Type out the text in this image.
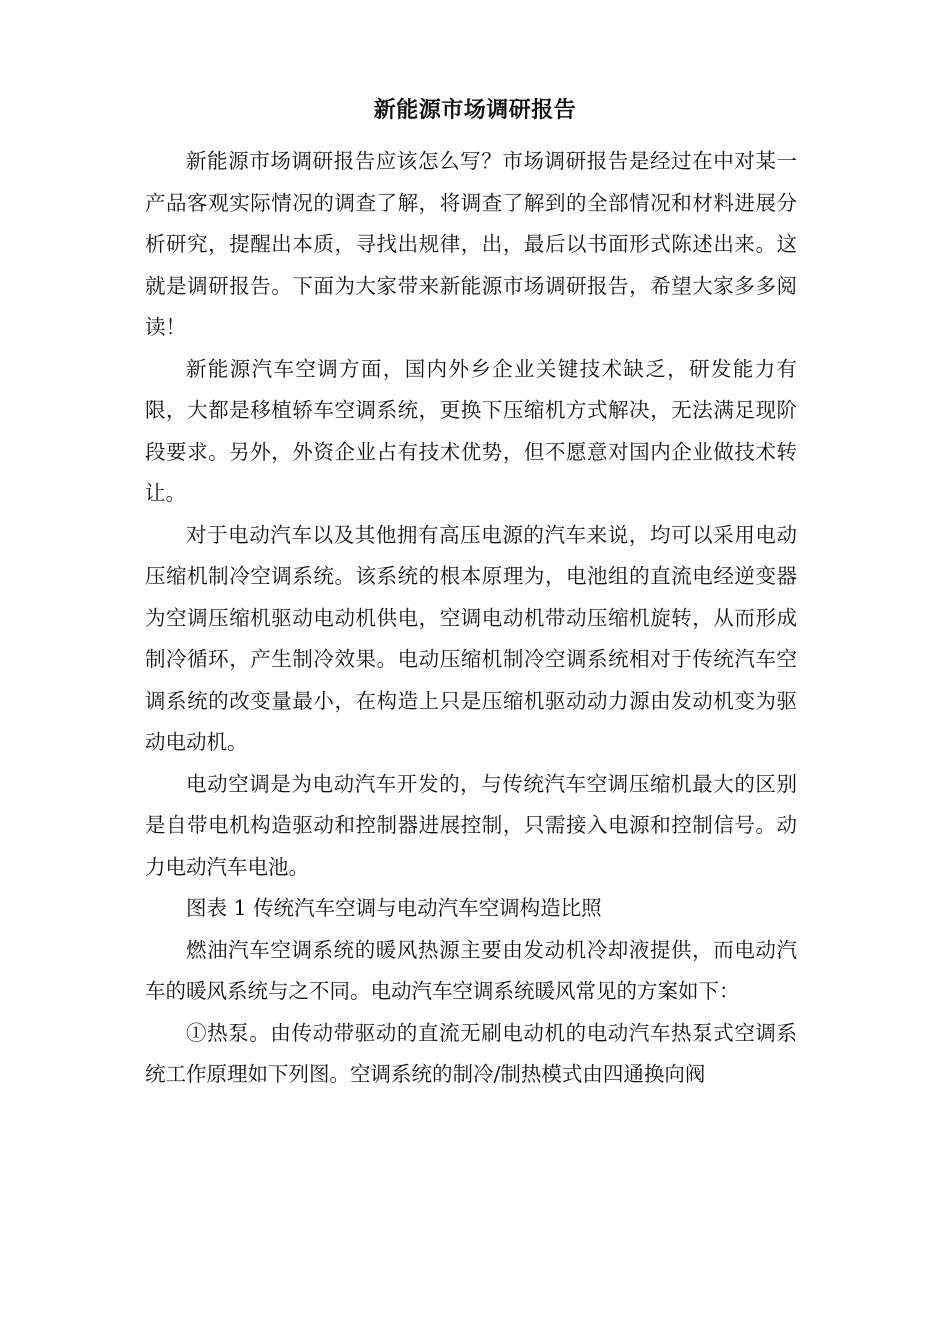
新能源市场调研报告

新能源市场调研报告应该怎么写？市场调研报告是经过在中对某一产品客观实际情况的调查了解，将调查了解到的全部情况和材料进展分析研究，提醒出本质，寻找出规律，出，最后以书面形式陈述出来。这就是调研报告。下面为大家带来新能源市场调研报告，希望大家多多阅读！

新能源汽车空调方面，国内外乡企业关键技术缺乏，研发能力有限，大都是移植轿车空调系统，更换下压缩机方式解决，无法满足现阶段要求。另外，外资企业占有技术优势，但不愿意对国内企业做技术转让。

对于电动汽车以及其他拥有高压电源的汽车来说，均可以采用电动压缩机制冷空调系统。该系统的根本原理为，电池组的直流电经逆变器为空调压缩机驱动电动机供电，空调电动机带动压缩机旋转，从而形成制冷循环，产生制冷效果。电动压缩机制冷空调系统相对于传统汽车空调系统的改变量最小，在构造上只是压缩机驱动动力源由发动机变为驱动电动机。

电动空调是为电动汽车开发的，与传统汽车空调压缩机最大的区别是自带电机构造驱动和控制器进展控制，只需接入电源和控制信号。动力电动汽车电池。

图表 1 传统汽车空调与电动汽车空调构造比照

燃油汽车空调系统的暖风热源主要由发动机冷却液提供，而电动汽车的暖风系统与之不同。电动汽车空调系统暖风常见的方案如下：

①热泵。由传动带驱动的直流无刷电动机的电动汽车热泵式空调系统工作原理如下列图。空调系统的制冷/制热模式由四通换向阀
